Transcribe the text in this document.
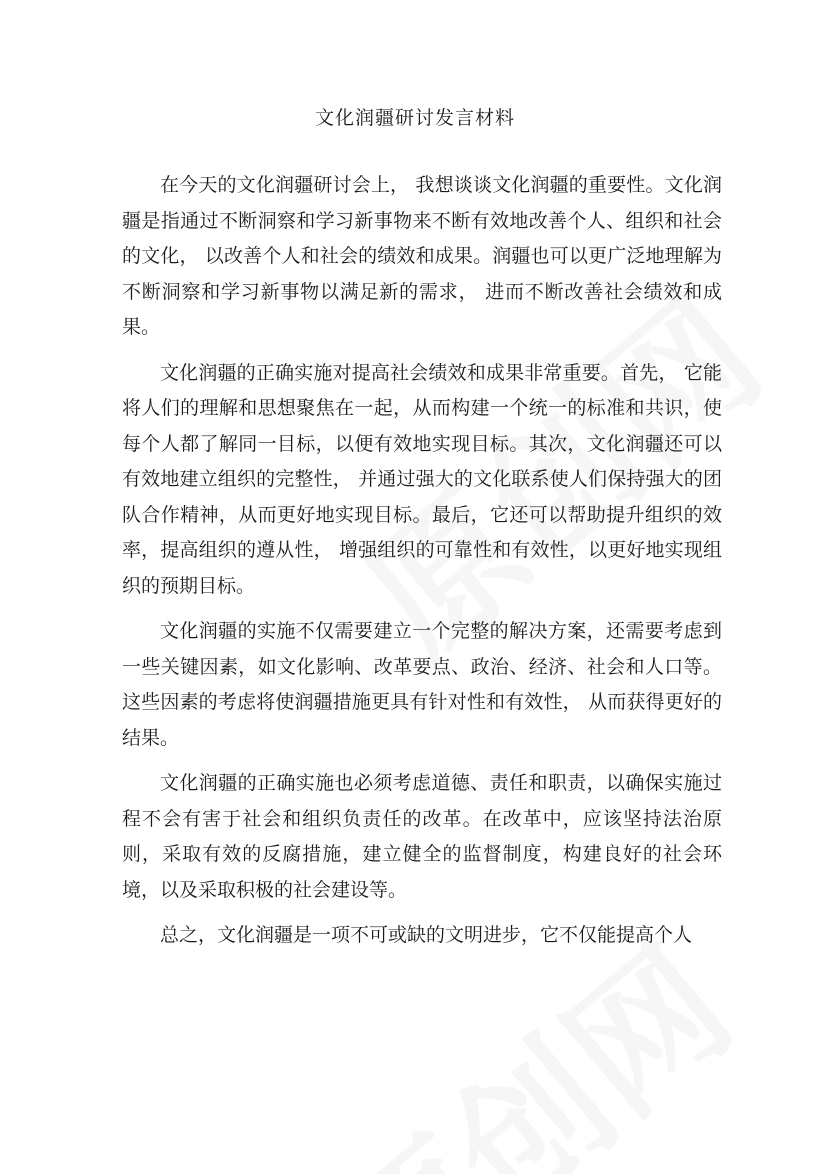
文化润疆研讨发言材料

在今天的文化润疆研讨会上， 我想谈谈文化润疆的重要性。文化润疆是指通过不断洞察和学习新事物来不断有效地改善个人、组织和社会的文化， 以改善个人和社会的绩效和成果。润疆也可以更广泛地理解为不断洞察和学习新事物以满足新的需求， 进而不断改善社会绩效和成果。

文化润疆的正确实施对提高社会绩效和成果非常重要。首先， 它能将人们的理解和思想聚焦在一起，从而构建一个统一的标准和共识，使每个人都了解同一目标，以便有效地实现目标。其次，文化润疆还可以有效地建立组织的完整性， 并通过强大的文化联系使人们保持强大的团队合作精神，从而更好地实现目标。最后，它还可以帮助提升组织的效率，提高组织的遵从性， 增强组织的可靠性和有效性，以更好地实现组织的预期目标。

文化润疆的实施不仅需要建立一个完整的解决方案，还需要考虑到一些关键因素，如文化影响、改革要点、政治、经济、社会和人口等。这些因素的考虑将使润疆措施更具有针对性和有效性， 从而获得更好的结果。

文化润疆的正确实施也必须考虑道德、责任和职责，以确保实施过程不会有害于社会和组织负责任的改革。在改革中，应该坚持法治原则，采取有效的反腐措施，建立健全的监督制度，构建良好的社会环境，以及采取积极的社会建设等。

总之，文化润疆是一项不可或缺的文明进步，它不仅能提高个人
